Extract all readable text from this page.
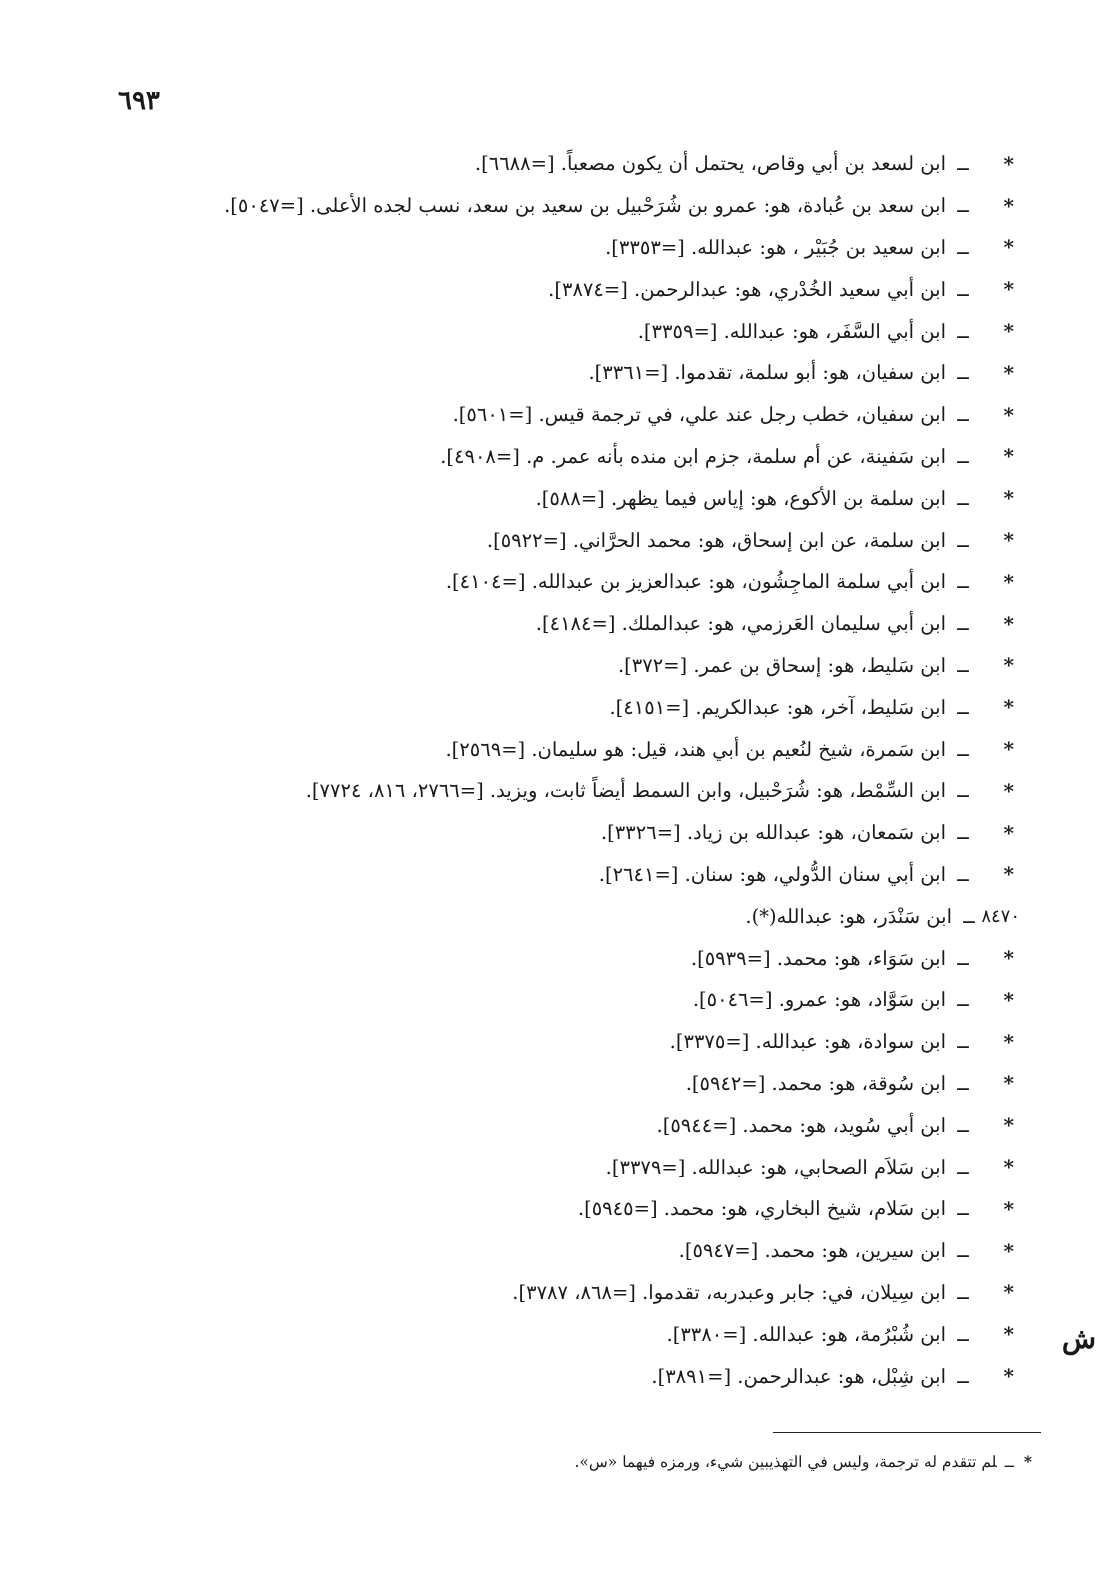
٦٩٣
*
ــ
ابن لسعد بن أبي وقاص، يحتمل أن يكون مصعباً. [=٦٦٨٨].
*
ــ
ابن سعد بن عُبادة، هو: عمرو بن شُرَحْبيل بن سعيد بن سعد، نسب لجده الأعلى. [=٥٠٤٧].
*
ــ
ابن سعيد بن جُبَيْر ، هو: عبدالله. [=٣٣٥٣].
*
ــ
ابن أبي سعيد الخُدْري، هو: عبدالرحمن. [=٣٨٧٤].
*
ــ
ابن أبي السَّفَر، هو: عبدالله. [=٣٣٥٩].
*
ــ
ابن سفيان، هو: أبو سلمة، تقدموا. [=٣٣٦١].
*
ــ
ابن سفيان، خطب رجل عند علي، في ترجمة قيس. [=٥٦٠١].
*
ــ
ابن سَفينة، عن أم سلمة، جزم ابن منده بأنه عمر. م. [=٤٩٠٨].
*
ــ
ابن سلمة بن الأكوع، هو: إياس فيما يظهر. [=٥٨٨].
*
ــ
ابن سلمة، عن ابن إسحاق، هو: محمد الحرَّاني. [=٥٩٢٢].
*
ــ
ابن أبي سلمة الماجِشُون، هو: عبدالعزيز بن عبدالله. [=٤١٠٤].
*
ــ
ابن أبي سليمان العَرزمي، هو: عبدالملك. [=٤١٨٤].
*
ــ
ابن سَليط، هو: إسحاق بن عمر. [=٣٧٢].
*
ــ
ابن سَليط، آخر، هو: عبدالكريم. [=٤١٥١].
*
ــ
ابن سَمرة، شيخ لنُعيم بن أبي هند، قيل: هو سليمان. [=٢٥٦٩].
*
ــ
ابن السِّمْط، هو: شُرَحْبيل، وابن السمط أيضاً ثابت، ويزيد. [=٢٧٦٦، ٨١٦، ٧٧٢٤].
*
ــ
ابن سَمعان، هو: عبدالله بن زياد. [=٣٣٢٦].
*
ــ
ابن أبي سنان الدُّولي، هو: سنان. [=٢٦٤١].
٨٤٧٠
ــ
ابن سَنْدَر، هو: عبدالله(*).
*
ــ
ابن سَوَاء، هو: محمد. [=٥٩٣٩].
*
ــ
ابن سَوَّاد، هو: عمرو. [=٥٠٤٦].
*
ــ
ابن سوادة، هو: عبدالله. [=٣٣٧٥].
*
ــ
ابن سُوقة، هو: محمد. [=٥٩٤٢].
*
ــ
ابن أبي سُويد، هو: محمد. [=٥٩٤٤].
*
ــ
ابن سَلاَم الصحابي، هو: عبدالله. [=٣٣٧٩].
*
ــ
ابن سَلام، شيخ البخاري، هو: محمد. [=٥٩٤٥].
*
ــ
ابن سيرين، هو: محمد. [=٥٩٤٧].
*
ــ
ابن سِيلان، في: جابر وعبدربه، تقدموا. [=٨٦٨، ٣٧٨٧].
*
ــ
ابن شُبْرُمة، هو: عبدالله. [=٣٣٨٠].
*
ــ
ابن شِبْل، هو: عبدالرحمن. [=٣٨٩١].
ش
*ــلم تتقدم له ترجمة، وليس في التهذيبين شيء، ورمزه فيهما «س».
